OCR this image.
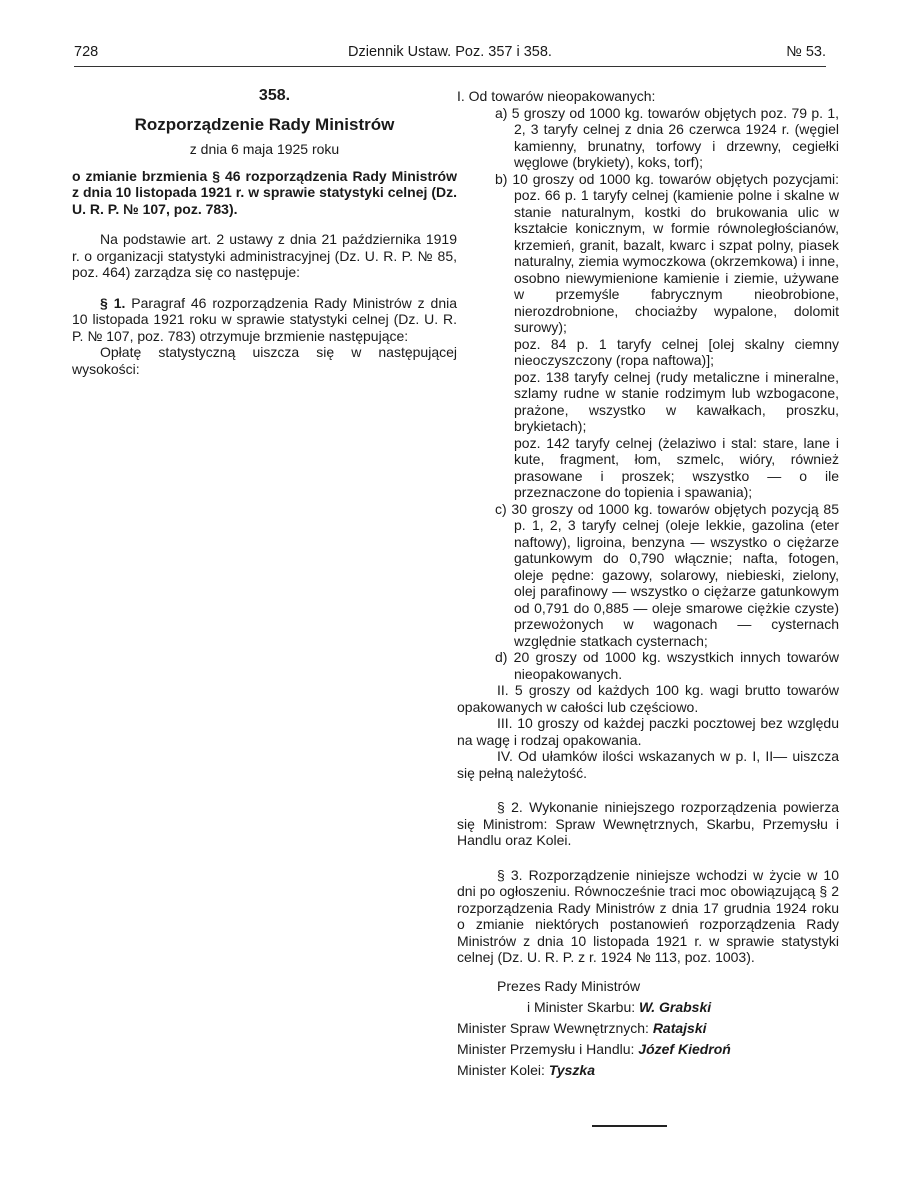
Dziennik Ustaw. Poz. 357 i 358.
728	№ 53.

358.

Rozporządzenie Rady Ministrów

z dnia 6 maja 1925 roku

o zmianie brzmienia § 46 rozporządzenia Rady Ministrów z dnia 10 listopada 1921 r. w sprawie statystyki celnej (Dz. U. R. P. № 107, poz. 783).

Na podstawie art. 2 ustawy z dnia 21 października 1919 r. o organizacji statystyki administracyjnej (Dz. U. R. P. № 85, poz. 464) zarządza się co następuje:

§ 1. Paragraf 46 rozporządzenia Rady Ministrów z dnia 10 listopada 1921 roku w sprawie statystyki celnej (Dz. U. R. P. № 107, poz. 783) otrzymuje brzmienie następujące:

Opłatę statystyczną uiszcza się w następującej wysokości:

I. Od towarów nieopakowanych:

a) 5 groszy od 1000 kg. towarów objętych poz. 79 p. 1, 2, 3 taryfy celnej z dnia 26 czerwca 1924 r. (węgiel kamienny, brunatny, torfowy i drzewny, cegiełki węglowe (brykiety), koks, torf);

b) 10 groszy od 1000 kg. towarów objętych pozycjami: poz. 66 p. 1 taryfy celnej (kamienie polne i skalne w stanie naturalnym, kostki do brukowania ulic w kształcie konicznym, w formie równoległościanów, krzemień, granit, bazalt, kwarc i szpat polny, piasek naturalny, ziemia wymoczkowa (okrzemkowa) i inne, osobno niewymienione kamienie i ziemie, używane w przemyśle fabrycznym nieobrobione, nierozdrobnione, chociażby wypalone, dolomit surowy);

poz. 84 p. 1 taryfy celnej [olej skalny ciemny nieoczyszczony (ropa naftowa)];

poz. 138 taryfy celnej (rudy metaliczne i mineralne, szlamy rudne w stanie rodzimym lub wzbogacone, prażone, wszystko w kawałkach, proszku, brykietach);

poz. 142 taryfy celnej (żelaziwo i stal: stare, lane i kute, fragment, łom, szmelc, wióry, również prasowane i proszek; wszystko — o ile przeznaczone do topienia i spawania);

c) 30 groszy od 1000 kg. towarów objętych pozycją 85 p. 1, 2, 3 taryfy celnej (oleje lekkie, gazolina (eter naftowy), ligroina, benzyna — wszystko o ciężarze gatunkowym do 0,790 włącznie; nafta, fotogen, oleje pędne: gazowy, solarowy, niebieski, zielony, olej parafinowy — wszystko o ciężarze gatunkowym od 0,791 do 0,885 — oleje smarowe ciężkie czyste) przewożonych w wagonach — cysternach względnie statkach cysternach;

d) 20 groszy od 1000 kg. wszystkich innych towarów nieopakowanych.

II. 5 groszy od każdych 100 kg. wagi brutto towarów opakowanych w całości lub częściowo.

III. 10 groszy od każdej paczki pocztowej bez względu na wagę i rodzaj opakowania.

IV. Od ułamków ilości wskazanych w p. I, II— uiszcza się pełną należytość.

§ 2. Wykonanie niniejszego rozporządzenia powierza się Ministrom: Spraw Wewnętrznych, Skarbu, Przemysłu i Handlu oraz Kolei.

§ 3. Rozporządzenie niniejsze wchodzi w życie w 10 dni po ogłoszeniu. Równocześnie traci moc obowiązującą § 2 rozporządzenia Rady Ministrów z dnia 17 grudnia 1924 roku o zmianie niektórych postanowień rozporządzenia Rady Ministrów z dnia 10 listopada 1921 r. w sprawie statystyki celnej (Dz. U. R. P. z r. 1924 № 113, poz. 1003).

Prezes Rady Ministrów

i Minister Skarbu: W. Grabski

Minister Spraw Wewnętrznych: Ratajski

Minister Przemysłu i Handlu: Józef Kiedroń

Minister Kolei: Tyszka
